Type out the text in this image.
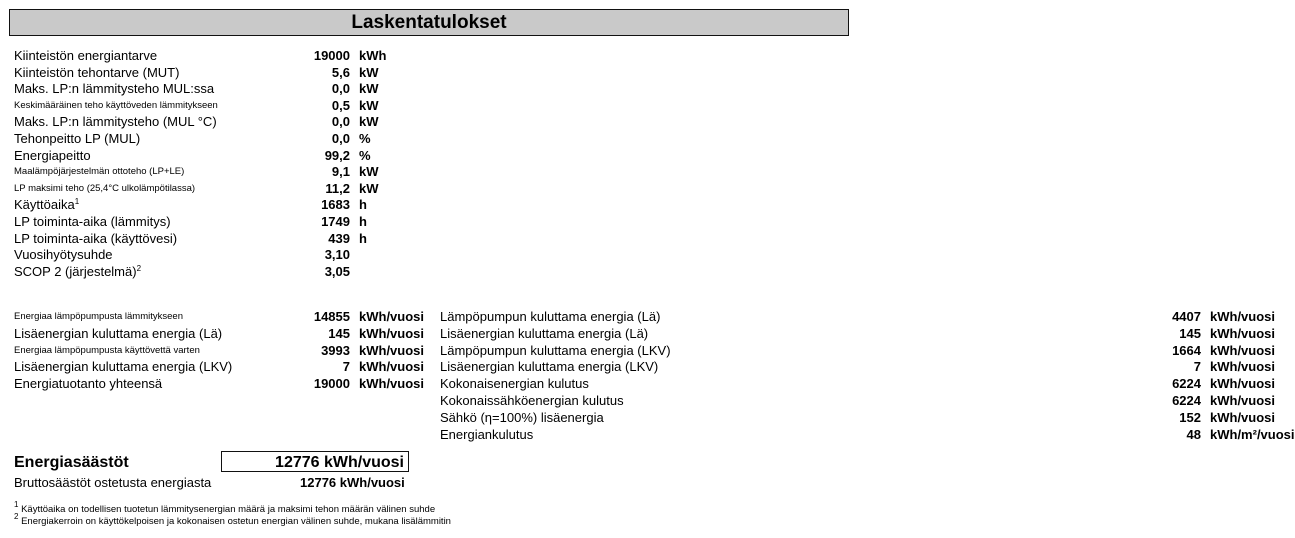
Laskentatulokset
Kiinteistön energiantarve	19000 kWh
Kiinteistön tehontarve (MUT)	5,6 kW
Maks. LP:n lämmitysteho MUL:ssa	0,0 kW
Keskimääräinen teho käyttöveden lämmitykseen	0,5 kW
Maks. LP:n lämmitysteho (MUL °C)	0,0 kW
Tehonpeitto LP (MUL)	0,0 %
Energiapeitto	99,2 %
Maalämpöjärjestelmän ottoteho (LP+LE)	9,1 kW
LP maksimi teho (25,4°C ulkolämpötilassa)	11,2 kW
Käyttöaika$^1$	1683 h
LP toiminta-aika (lämmitys)	1749 h
LP toiminta-aika (käyttövesi)	439 h
Vuosihyötysuhde	3,10
SCOP 2 (järjestelmä)$^2$	3,05
Energiaa lämpöpumpusta lämmitykseen	14855 kWh/vuosi
Lisäenergian kuluttama energia (Lä)	145 kWh/vuosi
Energiaa lämpöpumpusta käyttövettä varten	3993 kWh/vuosi
Lisäenergian kuluttama energia (LKV)	7 kWh/vuosi
Energiatuotanto yhteensä	19000 kWh/vuosi
Lämpöpumpun kuluttama energia (Lä)	4407 kWh/vuosi
Lisäenergian kuluttama energia (Lä)	145 kWh/vuosi
Lämpöpumpun kuluttama energia (LKV)	1664 kWh/vuosi
Lisäenergian kuluttama energia (LKV)	7 kWh/vuosi
Kokonaisenergian kulutus	6224 kWh/vuosi
Kokonaissähköenergian kulutus	6224 kWh/vuosi
Sähkö (η=100%) lisäenergia	152 kWh/vuosi
Energiankulutus	48 kWh/m²/vuosi
Energiasäästöt	12776 kWh/vuosi
Bruttosäästöt ostetusta energiasta	12776 kWh/vuosi
$^1$ Käyttöaika on todellisen tuotetun lämmitysenergian määrä ja maksimi tehon määrän välinen suhde
$^2$ Energiakerroin on käyttökelpoisen ja kokonaisen ostetun energian välinen suhde, mukana lisälämmitin
